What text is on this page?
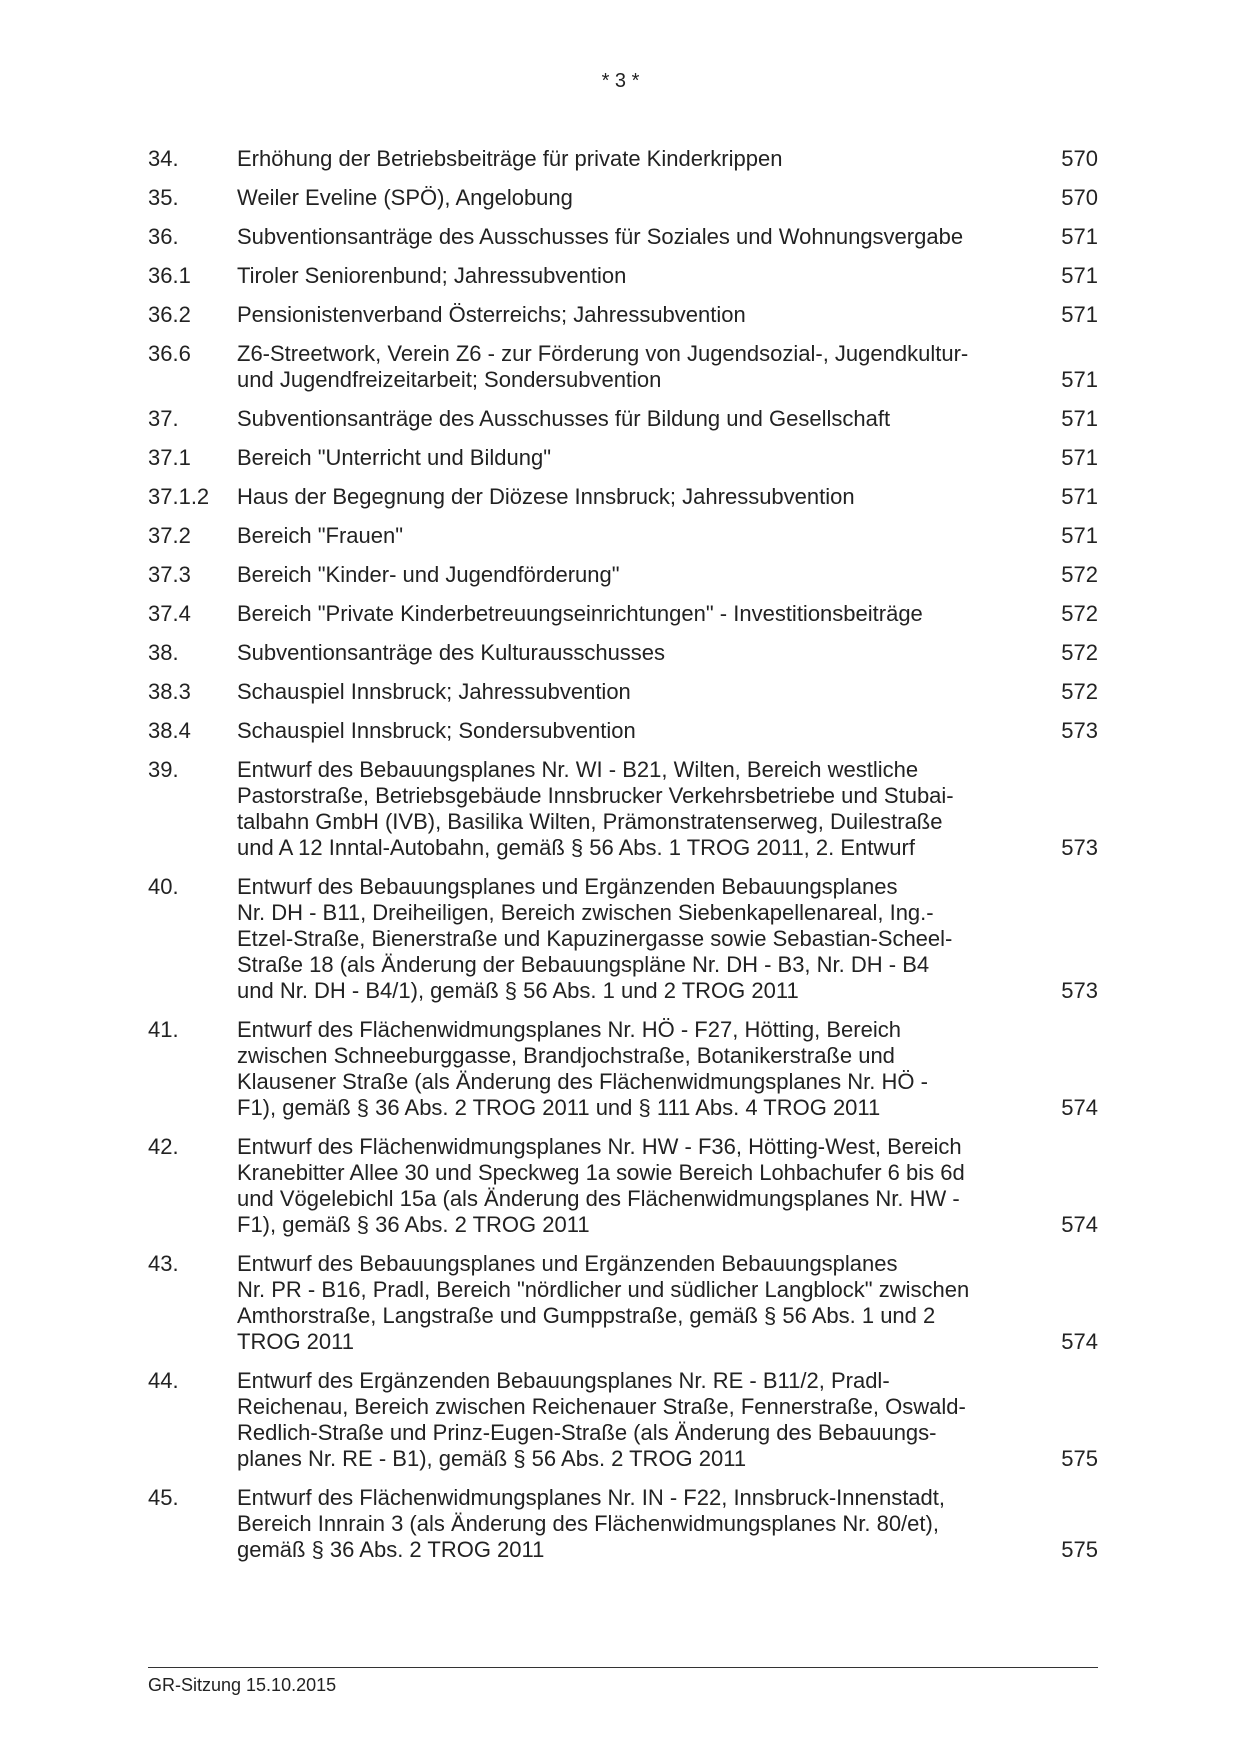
* 3 *
34.	Erhöhung der Betriebsbeiträge für private Kinderkrippen	570
35.	Weiler Eveline (SPÖ), Angelobung	570
36.	Subventionsanträge des Ausschusses für Soziales und Wohnungsvergabe	571
36.1	Tiroler Seniorenbund; Jahressubvention	571
36.2	Pensionistenverband Österreichs; Jahressubvention	571
36.6	Z6-Streetwork, Verein Z6 - zur Förderung von Jugendsozial-, Jugendkultur-
und Jugendfreizeitarbeit; Sondersubvention	571
37.	Subventionsanträge des Ausschusses für Bildung und Gesellschaft	571
37.1	Bereich "Unterricht und Bildung"	571
37.1.2	Haus der Begegnung der Diözese Innsbruck; Jahressubvention	571
37.2	Bereich "Frauen"	571
37.3	Bereich "Kinder- und Jugendförderung"	572
37.4	Bereich "Private Kinderbetreuungseinrichtungen" - Investitionsbeiträge	572
38.	Subventionsanträge des Kulturausschusses	572
38.3	Schauspiel Innsbruck; Jahressubvention	572
38.4	Schauspiel Innsbruck; Sondersubvention	573
39.	Entwurf des Bebauungsplanes Nr. WI - B21, Wilten, Bereich westliche
Pastorstraße, Betriebsgebäude Innsbrucker Verkehrsbetriebe und Stubai-
talbahn GmbH (IVB), Basilika Wilten, Prämonstratenserweg, Duilestraße
und A 12 Inntal-Autobahn, gemäß § 56 Abs. 1 TROG 2011, 2. Entwurf	573
40.	Entwurf des Bebauungsplanes und Ergänzenden Bebauungsplanes
Nr. DH - B11, Dreiheiligen, Bereich zwischen Siebenkapellenareal, Ing.-
Etzel-Straße, Bienerstraße und Kapuzinergasse sowie Sebastian-Scheel-
Straße 18 (als Änderung der Bebauungspläne Nr. DH - B3, Nr. DH - B4
und Nr. DH - B4/1), gemäß § 56 Abs. 1 und 2 TROG 2011	573
41.	Entwurf des Flächenwidmungsplanes Nr. HÖ - F27, Hötting, Bereich
zwischen Schneeburggasse, Brandjochstraße, Botanikerstraße und
Klausener Straße (als Änderung des Flächenwidmungsplanes Nr. HÖ -
F1), gemäß § 36 Abs. 2 TROG 2011 und § 111 Abs. 4 TROG 2011	574
42.	Entwurf des Flächenwidmungsplanes Nr. HW - F36, Hötting-West, Bereich
Kranebitter Allee 30 und Speckweg 1a sowie Bereich Lohbachufer 6 bis 6d
und Vögelebichl 15a (als Änderung des Flächenwidmungsplanes Nr. HW -
F1), gemäß § 36 Abs. 2 TROG 2011	574
43.	Entwurf des Bebauungsplanes und Ergänzenden Bebauungsplanes
Nr. PR - B16, Pradl, Bereich "nördlicher und südlicher Langblock" zwischen
Amthorstraße, Langstraße und Gumppstraße, gemäß § 56 Abs. 1 und 2
TROG 2011	574
44.	Entwurf des Ergänzenden Bebauungsplanes Nr. RE - B11/2, Pradl-
Reichenau, Bereich zwischen Reichenauer Straße, Fennerstraße, Oswald-
Redlich-Straße und Prinz-Eugen-Straße (als Änderung des Bebauungs-
planes Nr. RE - B1), gemäß § 56 Abs. 2 TROG 2011	575
45.	Entwurf des Flächenwidmungsplanes Nr. IN - F22, Innsbruck-Innenstadt,
Bereich Innrain 3 (als Änderung des Flächenwidmungsplanes Nr. 80/et),
gemäß § 36 Abs. 2 TROG 2011	575
GR-Sitzung 15.10.2015
